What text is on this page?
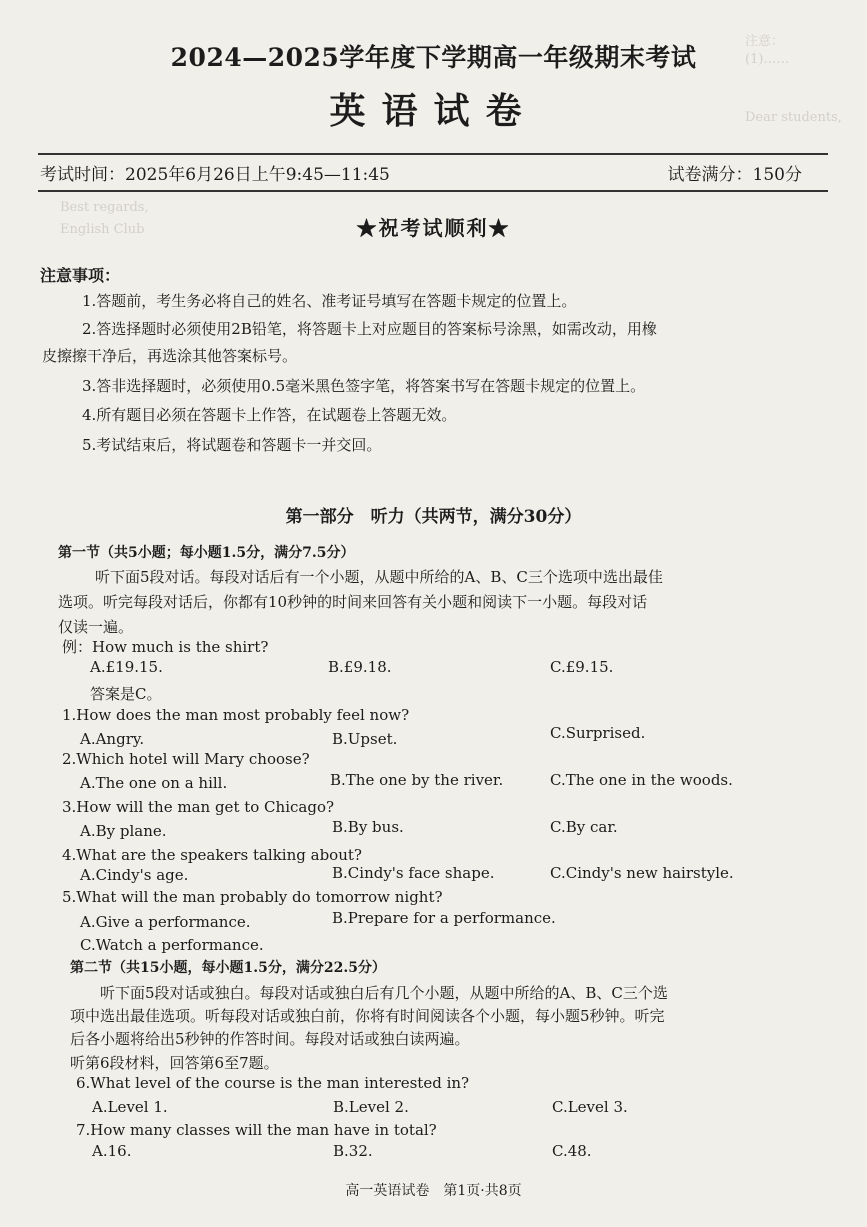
注意：
(1)……
Dear students,
Best regards,
English Club
2024—2025学年度下学期高一年级期末考试
英语试卷
考试时间：2025年6月26日上午9:45—11:45	试卷满分：150分
★祝考试顺利★
注意事项：
1.答题前，考生务必将自己的姓名、准考证号填写在答题卡规定的位置上。
2.答选择题时必须使用2B铅笔，将答题卡上对应题目的答案标号涂黑，如需改动，用橡
皮擦擦干净后，再选涂其他答案标号。
3.答非选择题时，必须使用0.5毫米黑色签字笔，将答案书写在答题卡规定的位置上。
4.所有题目必须在答题卡上作答，在试题卷上答题无效。
5.考试结束后，将试题卷和答题卡一并交回。
第一部分　听力（共两节，满分30分）
第一节（共5小题；每小题1.5分，满分7.5分）
听下面5段对话。每段对话后有一个小题，从题中所给的A、B、C三个选项中选出最佳
选项。听完每段对话后，你都有10秒钟的时间来回答有关小题和阅读下一小题。每段对话
仅读一遍。
例：How much is the shirt?
A.£19.15.	B.£9.18.	C.£9.15.
答案是C。
1.How does the man most probably feel now?
A.Angry.	B.Upset.	C.Surprised.
2.Which hotel will Mary choose?
A.The one on a hill.	B.The one by the river.	C.The one in the woods.
3.How will the man get to Chicago?
A.By plane.	B.By bus.	C.By car.
4.What are the speakers talking about?
A.Cindy's age.	B.Cindy's face shape.	C.Cindy's new hairstyle.
5.What will the man probably do tomorrow night?
A.Give a performance.	B.Prepare for a performance.
C.Watch a performance.
第二节（共15小题，每小题1.5分，满分22.5分）
听下面5段对话或独白。每段对话或独白后有几个小题，从题中所给的A、B、C三个选
项中选出最佳选项。听每段对话或独白前，你将有时间阅读各个小题，每小题5秒钟。听完
后各小题将给出5秒钟的作答时间。每段对话或独白读两遍。
听第6段材料，回答第6至7题。
6.What level of the course is the man interested in?
A.Level 1.	B.Level 2.	C.Level 3.
7.How many classes will the man have in total?
A.16.	B.32.	C.48.
高一英语试卷　第1页·共8页
